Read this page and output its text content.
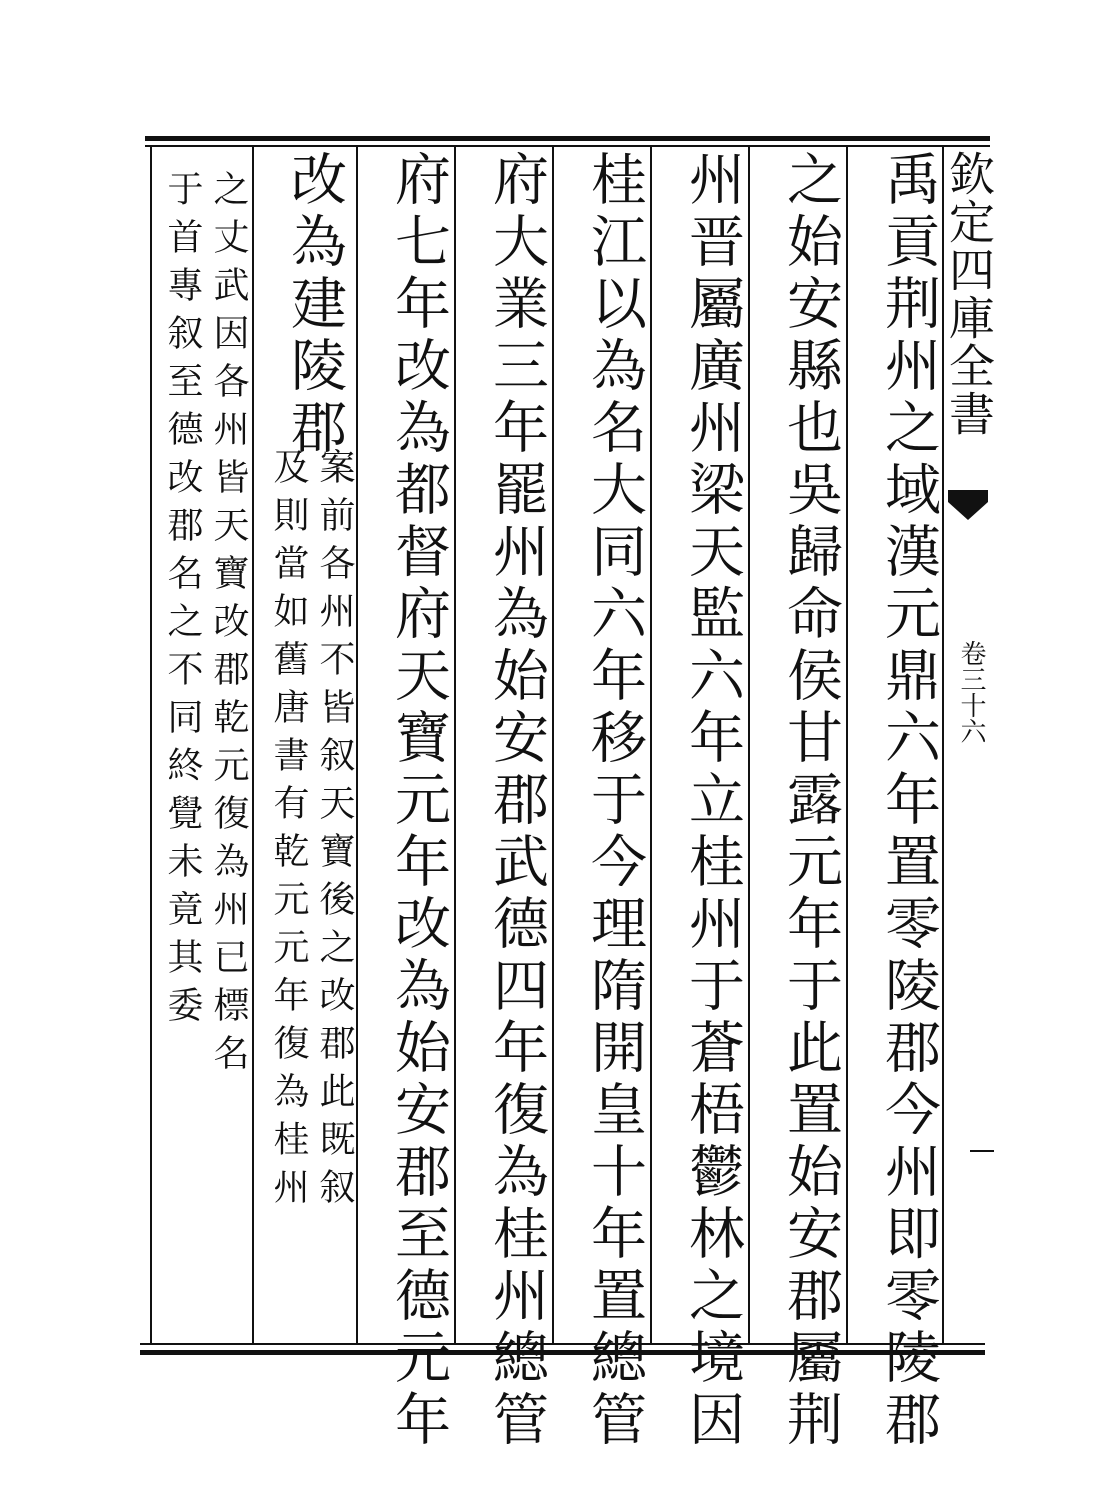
欽定四庫全書
卷三十六
禹貢荆州之域漢元鼎六年置零陵郡今州即零陵郡
之始安縣也吳歸命侯甘露元年于此置始安郡屬荆
州晋屬廣州梁天監六年立桂州于蒼梧鬱林之境因
桂江以為名大同六年移于今理隋開皇十年置總管
府大業三年罷州為始安郡武德四年復為桂州總管
府七年改為都督府天寶元年改為始安郡至德元年
改為建陵郡
案前各州不皆叙天寶後之改郡此既叙
及則當如舊唐書有乾元元年復為桂州
之丈武因各州皆天寶改郡乾元復為州已標名
于首專叙至德改郡名之不同終覺未竟其委
